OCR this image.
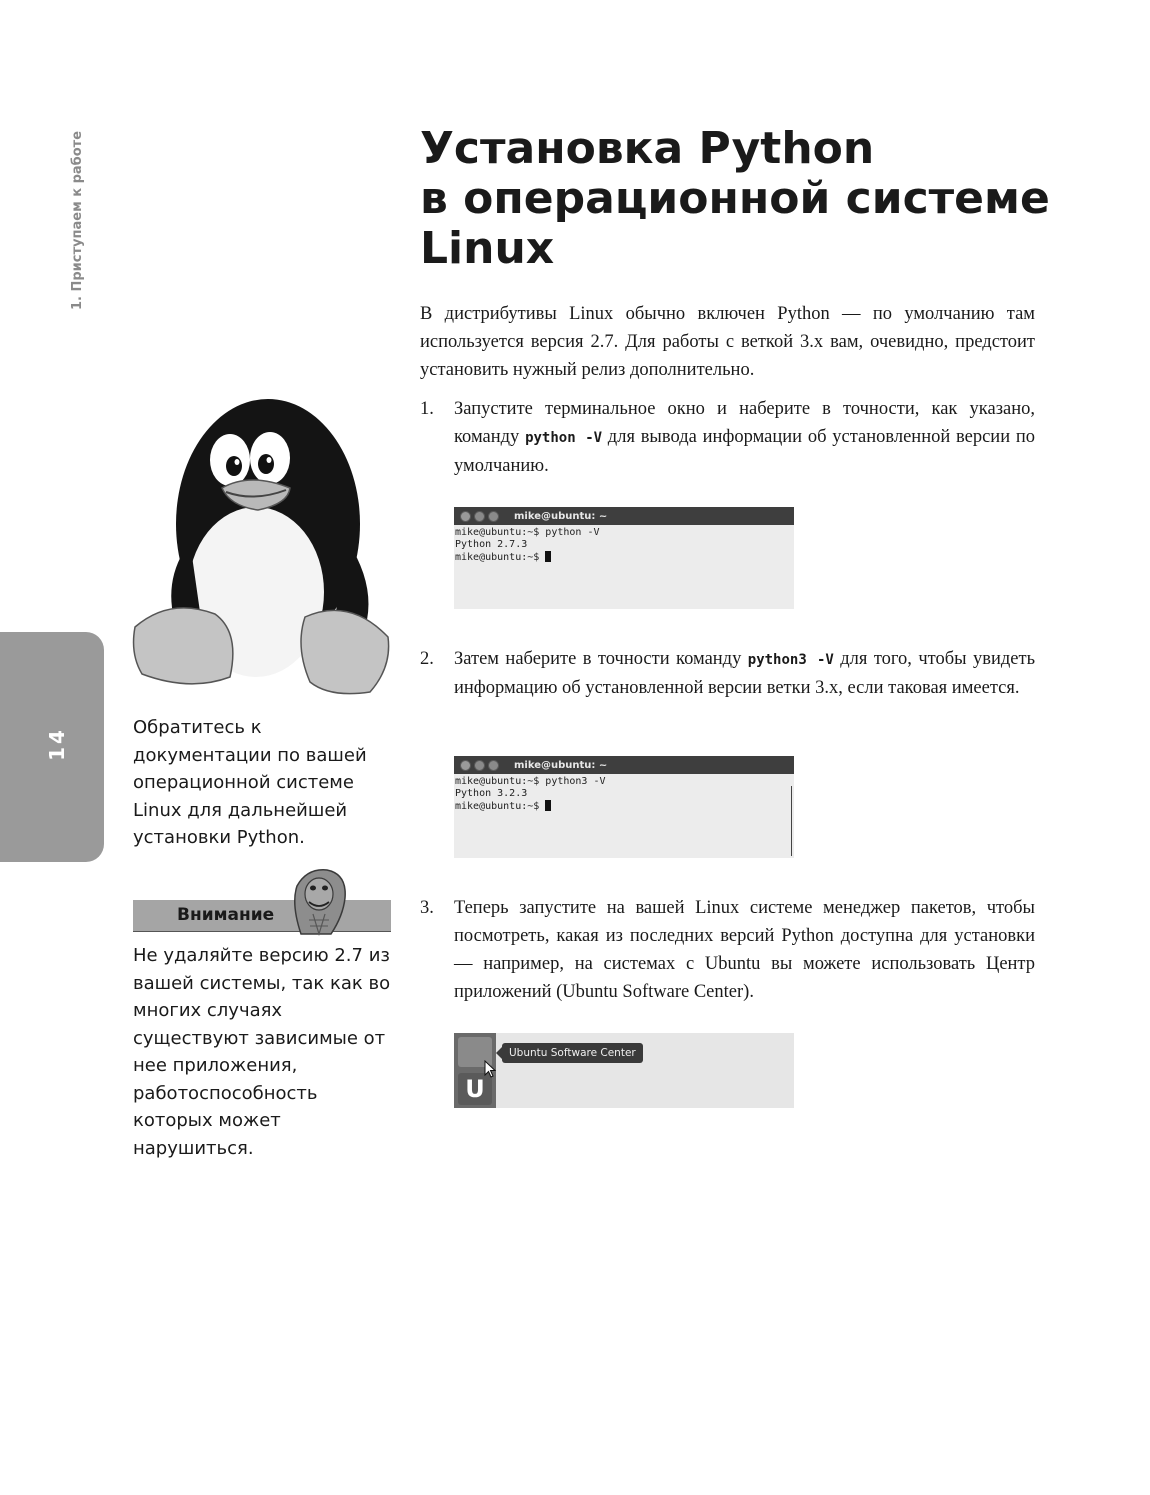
1. Приступаем к работе
14
Установка Python
в операционной системе
Linux

В дистрибутивы Linux обычно включен Python — по умолчанию там используется версия 2.7. Для работы с веткой 3.х вам, очевидно, предстоит установить нужный релиз дополнительно.

1. Запустите терминальное окно и наберите в точности, как указано, команду python -V для вывода информации об установленной версии по умолчанию.
mike@ubuntu: ~
mike@ubuntu:~$ python -V
Python 2.7.3
mike@ubuntu:~$
2. Затем наберите в точности команду python3 -V для того, чтобы увидеть информацию об установленной версии ветки 3.х, если таковая имеется.
mike@ubuntu: ~
mike@ubuntu:~$ python3 -V
Python 3.2.3
mike@ubuntu:~$
3. Теперь запустите на вашей Linux системе менеджер пакетов, чтобы посмотреть, какая из последних версий Python доступна для установки — например, на системах с Ubuntu вы можете использовать Центр приложений (Ubuntu Software Center).
U
Ubuntu Software Center

Обратитесь к документации по вашей операционной системе Linux для дальнейшей установки Python.

Внимание

Не удаляйте версию 2.7 из вашей системы, так как во многих случаях существуют зависимые от нее приложения, работоспособность которых может нарушиться.
